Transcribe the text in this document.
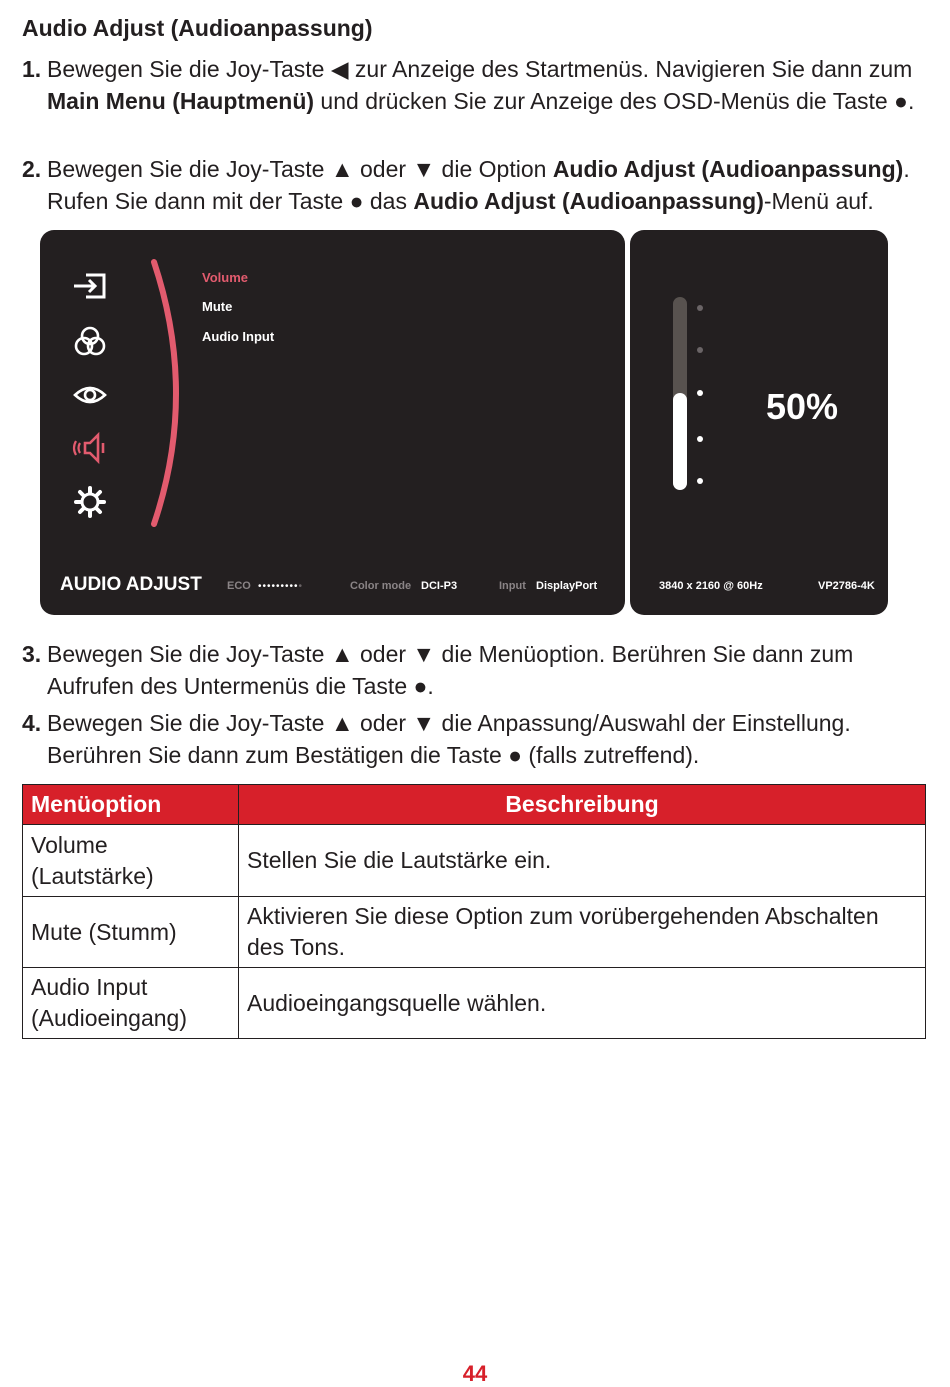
Audio Adjust (Audioanpassung)
1. Bewegen Sie die Joy-Taste ◀ zur Anzeige des Startmenüs. Navigieren Sie dann zum Main Menu (Hauptmenü) und drücken Sie zur Anzeige des OSD-Menüs die Taste ●.
2. Bewegen Sie die Joy-Taste ▲ oder ▼ die Option Audio Adjust (Audioanpassung). Rufen Sie dann mit der Taste ● das Audio Adjust (Audioanpassung)-Menü auf.
Volume
Mute
Audio Input
AUDIO ADJUST ECO ••••••••••	Color mode DCI-P3	Input DisplayPort
50%
3840 x 2160 @ 60Hz	VP2786-4K
3. Bewegen Sie die Joy-Taste ▲ oder ▼ die Menüoption. Berühren Sie dann zum Aufrufen des Untermenüs die Taste ●.
4. Bewegen Sie die Joy-Taste ▲ oder ▼ die Anpassung/Auswahl der Einstellung. Berühren Sie dann zum Bestätigen die Taste ● (falls zutreffend).
Menüoption	Beschreibung
Volume (Lautstärke)	Stellen Sie die Lautstärke ein.
Mute (Stumm)	Aktivieren Sie diese Option zum vorübergehenden Abschalten des Tons.
Audio Input (Audioeingang)	Audioeingangsquelle wählen.
44
